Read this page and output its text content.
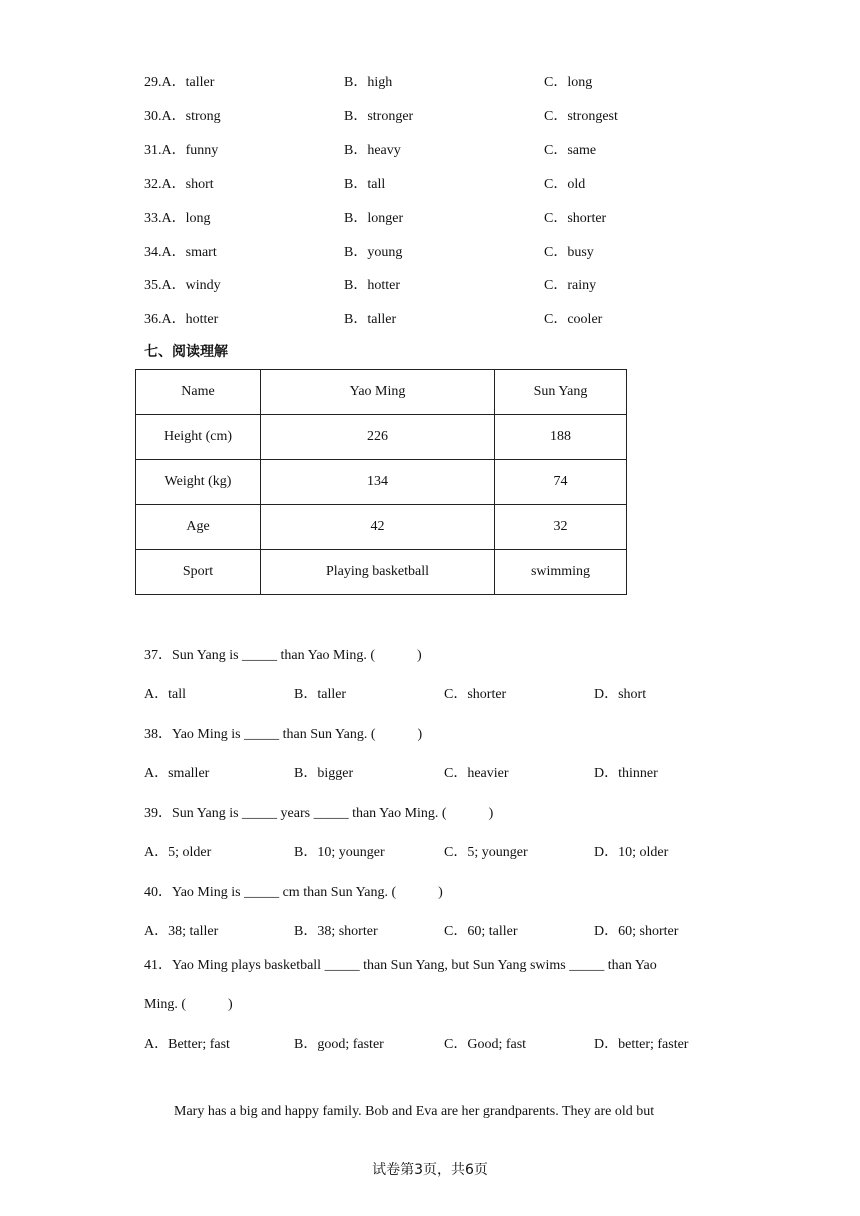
29.A．taller	B．high	C．long
30.A．strong	B．stronger	C．strongest
31.A．funny	B．heavy	C．same
32.A．short	B．tall	C．old
33.A．long	B．longer	C．shorter
34.A．smart	B．young	C．busy
35.A．windy	B．hotter	C．rainy
36.A．hotter	B．taller	C．cooler
七、阅读理解
Name	Yao Ming	Sun Yang
Height (cm)	226	188
Weight (kg)	134	74
Age	42	32
Sport	Playing basketball	swimming
37．Sun Yang is _____ than Yao Ming. (　　　)
A．tall	B．taller	C．shorter	D．short
38．Yao Ming is _____ than Sun Yang. (　　　)
A．smaller	B．bigger	C．heavier	D．thinner
39．Sun Yang is _____ years _____ than Yao Ming. (　　　)
A．5; older	B．10; younger	C．5; younger	D．10; older
40．Yao Ming is _____ cm than Sun Yang. (　　　)
A．38; taller	B．38; shorter	C．60; taller	D．60; shorter
41．Yao Ming plays basketball _____ than Sun Yang, but Sun Yang swims _____ than Yao
Ming. (　　　)
A．Better; fast	B．good; faster	C．Good; fast	D．better; faster
Mary has a big and happy family. Bob and Eva are her grandparents. They are old but
试卷第3页，共6页
